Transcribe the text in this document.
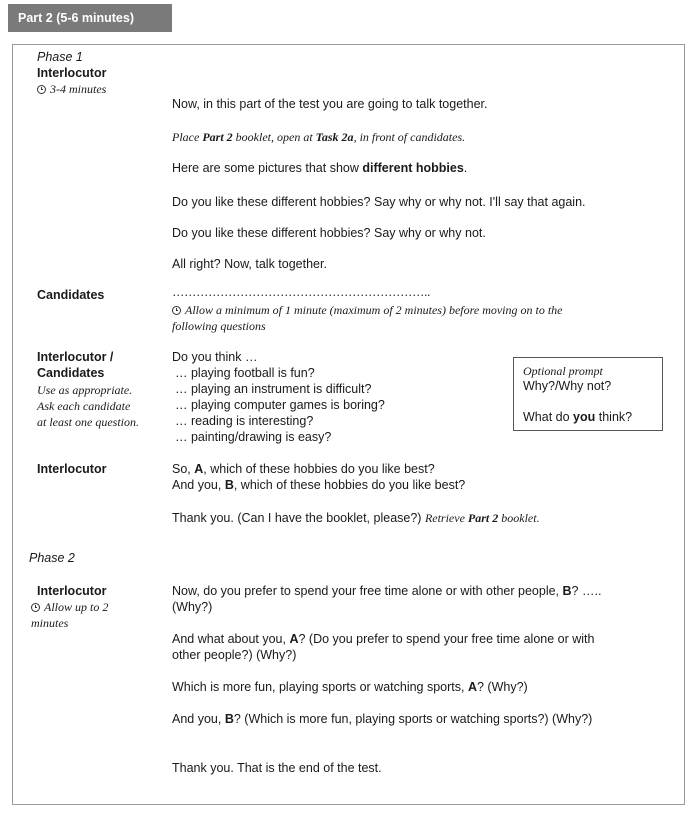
Part 2 (5-6 minutes)
Phase 1
Interlocutor
3-4 minutes
Now, in this part of the test you are going to talk together.
Place Part 2 booklet, open at Task 2a, in front of candidates.
Here are some pictures that show different hobbies.
Do you like these different hobbies? Say why or why not. I'll say that again.
Do you like these different hobbies? Say why or why not.
All right? Now, talk together.
Candidates	………………………………………………………..
Allow a minimum of 1 minute (maximum of 2 minutes) before moving on to the
following questions
Interlocutor /
Candidates
Use as appropriate.
Ask each candidate
at least one question.
Do you think …
… playing football is fun?
… playing an instrument is difficult?
… playing computer games is boring?
… reading is interesting?
… painting/drawing is easy?
Optional prompt
Why?/Why not?
What do you think?
Interlocutor	So, A, which of these hobbies do you like best?
And you, B, which of these hobbies do you like best?
Thank you. (Can I have the booklet, please?) Retrieve Part 2 booklet.
Phase 2
Interlocutor
Allow up to 2
minutes
Now, do you prefer to spend your free time alone or with other people, B? …..
(Why?)
And what about you, A? (Do you prefer to spend your free time alone or with
other people?) (Why?)
Which is more fun, playing sports or watching sports, A? (Why?)
And you, B? (Which is more fun, playing sports or watching sports?) (Why?)
Thank you. That is the end of the test.
